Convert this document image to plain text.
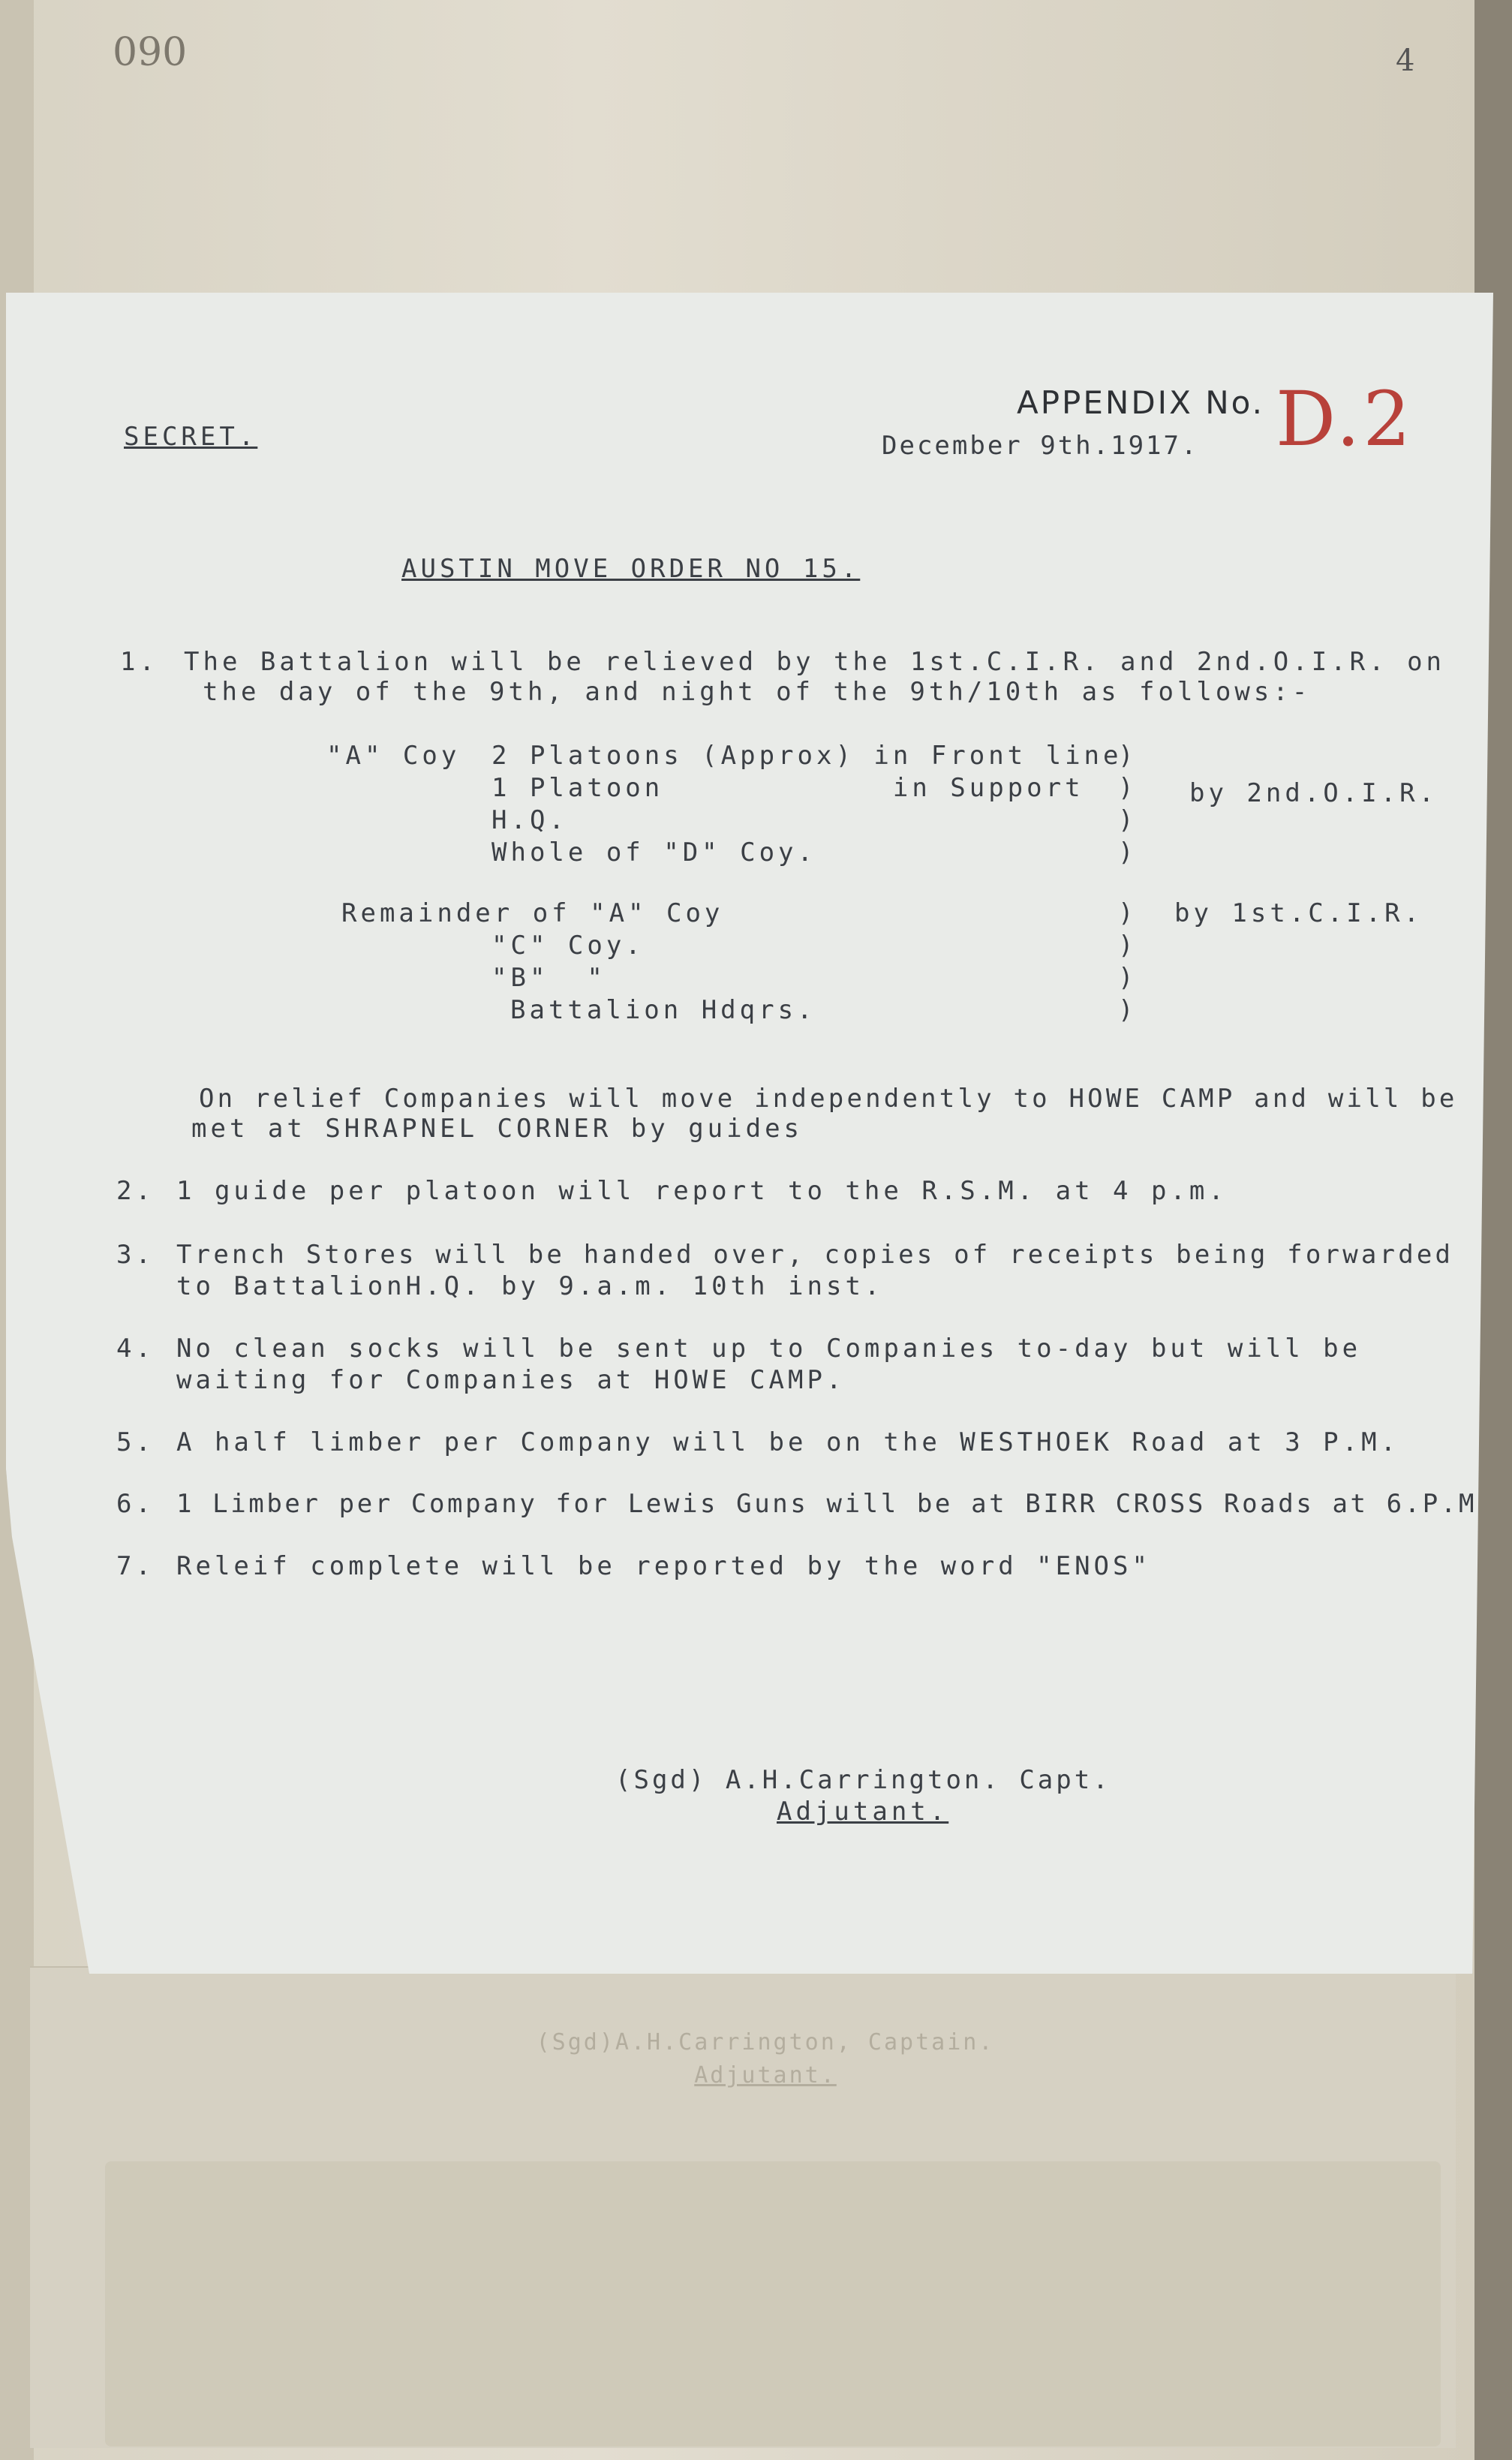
090	4
(Sgd)A.H.Carrington, Captain.
Adjutant.
SECRET.
APPENDIX No. D.2
December 9th.1917.
AUSTIN MOVE ORDER NO 15.
1. The Battalion will be relieved by the 1st.C.I.R. and 2nd.O.I.R. on
the day of the 9th, and night of the 9th/10th as follows:-
"A" Coy 2 Platoons (Approx) in Front line
1 Platoon            in Support
H.Q.
Whole of "D" Coy.
)
)
)
)
by 2nd.O.I.R.
Remainder of "A" Coy
"C" Coy.
"B"  "
Battalion Hdqrs.
)
)
)
)
by 1st.C.I.R.
On relief Companies will move independently to HOWE CAMP and will be
met at SHRAPNEL CORNER by guides
2. 1 guide per platoon will report to the R.S.M. at 4 p.m.
3. Trench Stores will be handed over, copies of receipts being forwarded
to BattalionH.Q. by 9.a.m. 10th inst.
4. No clean socks will be sent up to Companies to-day but will be
waiting for Companies at HOWE CAMP.
5. A half limber per Company will be on the WESTHOEK Road at 3 P.M.
6. 1 Limber per Company for Lewis Guns will be at BIRR CROSS Roads at 6.P.M
7. Releif complete will be reported by the word "ENOS"
(Sgd) A.H.Carrington. Capt.
Adjutant.
